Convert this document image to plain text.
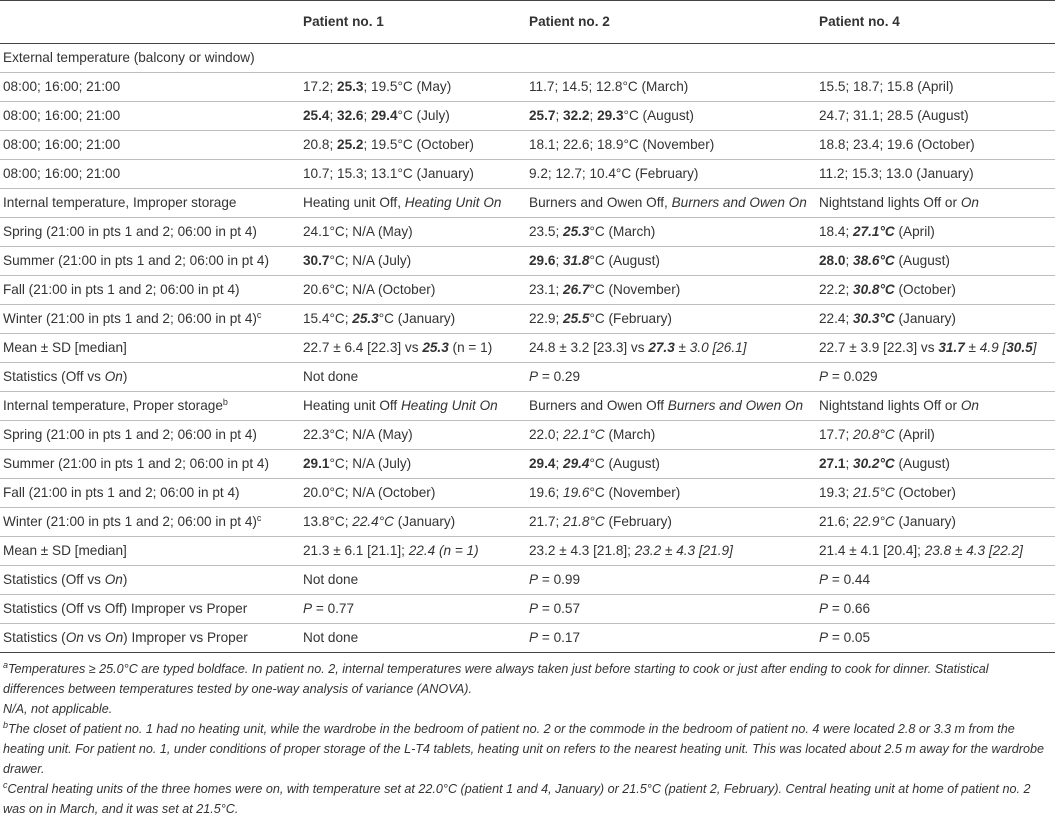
	Patient no. 1	Patient no. 2	Patient no. 4
External temperature (balcony or window)			
08:00; 16:00; 21:00	17.2; 25.3; 19.5°C (May)	11.7; 14.5; 12.8°C (March)	15.5; 18.7; 15.8 (April)
08:00; 16:00; 21:00	25.4; 32.6; 29.4°C (July)	25.7; 32.2; 29.3°C (August)	24.7; 31.1; 28.5 (August)
08:00; 16:00; 21:00	20.8; 25.2; 19.5°C (October)	18.1; 22.6; 18.9°C (November)	18.8; 23.4; 19.6 (October)
08:00; 16:00; 21:00	10.7; 15.3; 13.1°C (January)	9.2; 12.7; 10.4°C (February)	11.2; 15.3; 13.0 (January)
Internal temperature, Improper storage	Heating unit Off, Heating Unit On	Burners and Owen Off, Burners and Owen On	Nightstand lights Off or On
Spring (21:00 in pts 1 and 2; 06:00 in pt 4)	24.1°C; N/A (May)	23.5; 25.3°C (March)	18.4; 27.1°C (April)
Summer (21:00 in pts 1 and 2; 06:00 in pt 4)	30.7°C; N/A (July)	29.6; 31.8°C (August)	28.0; 38.6°C (August)
Fall (21:00 in pts 1 and 2; 06:00 in pt 4)	20.6°C; N/A (October)	23.1; 26.7°C (November)	22.2; 30.8°C (October)
Winter (21:00 in pts 1 and 2; 06:00 in pt 4)$^c$	15.4°C; 25.3°C (January)	22.9; 25.5°C (February)	22.4; 30.3°C (January)
Mean ± SD [median]	22.7 ± 6.4 [22.3] vs 25.3 (n = 1)	24.8 ± 3.2 [23.3] vs 27.3 ± 3.0 [26.1]	22.7 ± 3.9 [22.3] vs 31.7 ± 4.9 [30.5]
Statistics (Off vs On)	Not done	P = 0.29	P = 0.029
Internal temperature, Proper storage$^b$	Heating unit Off Heating Unit On	Burners and Owen Off Burners and Owen On	Nightstand lights Off or On
Spring (21:00 in pts 1 and 2; 06:00 in pt 4)	22.3°C; N/A (May)	22.0; 22.1°C (March)	17.7; 20.8°C (April)
Summer (21:00 in pts 1 and 2; 06:00 in pt 4)	29.1°C; N/A (July)	29.4; 29.4°C (August)	27.1; 30.2°C (August)
Fall (21:00 in pts 1 and 2; 06:00 in pt 4)	20.0°C; N/A (October)	19.6; 19.6°C (November)	19.3; 21.5°C (October)
Winter (21:00 in pts 1 and 2; 06:00 in pt 4)$^c$	13.8°C; 22.4°C (January)	21.7; 21.8°C (February)	21.6; 22.9°C (January)
Mean ± SD [median]	21.3 ± 6.1 [21.1]; 22.4 (n = 1)	23.2 ± 4.3 [21.8]; 23.2 ± 4.3 [21.9]	21.4 ± 4.1 [20.4]; 23.8 ± 4.3 [22.2]
Statistics (Off vs On)	Not done	P = 0.99	P = 0.44
Statistics (Off vs Off) Improper vs Proper	P = 0.77	P = 0.57	P = 0.66
Statistics (On vs On) Improper vs Proper	Not done	P = 0.17	P = 0.05

$^a$Temperatures ≥ 25.0°C are typed boldface. In patient no. 2, internal temperatures were always taken just before starting to cook or just after ending to cook for dinner. Statistical differences between temperatures tested by one-way analysis of variance (ANOVA).

N/A, not applicable.

$^b$The closet of patient no. 1 had no heating unit, while the wardrobe in the bedroom of patient no. 2 or the commode in the bedroom of patient no. 4 were located 2.8 or 3.3 m from the heating unit. For patient no. 1, under conditions of proper storage of the L-T4 tablets, heating unit on refers to the nearest heating unit. This was located about 2.5 m away for the wardrobe drawer.

$^c$Central heating units of the three homes were on, with temperature set at 22.0°C (patient 1 and 4, January) or 21.5°C (patient 2, February). Central heating unit at home of patient no. 2 was on in March, and it was set at 21.5°C.
